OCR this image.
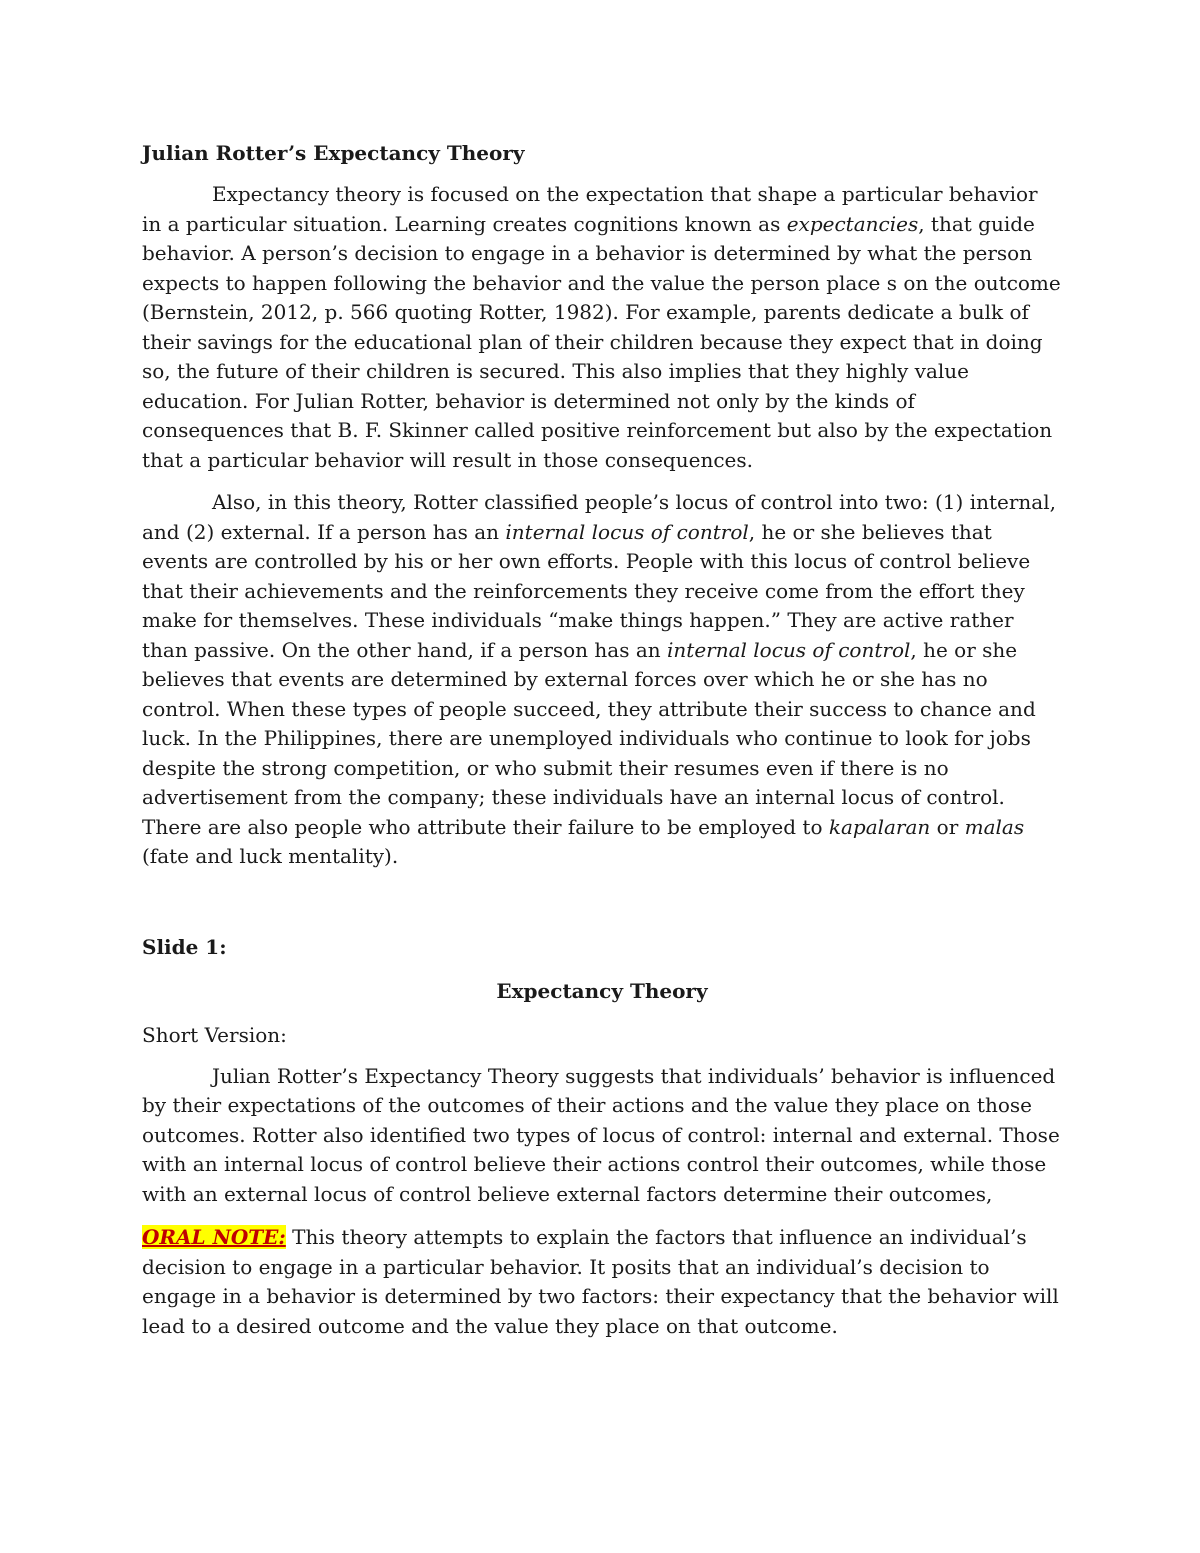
Julian Rotter’s Expectancy Theory

Expectancy theory is focused on the expectation that shape a particular behavior in a particular situation. Learning creates cognitions known as expectancies, that guide behavior. A person’s decision to engage in a behavior is determined by what the person expects to happen following the behavior and the value the person place s on the outcome (Bernstein, 2012, p. 566 quoting Rotter, 1982). For example, parents dedicate a bulk of their savings for the educational plan of their children because they expect that in doing so, the future of their children is secured. This also implies that they highly value education. For Julian Rotter, behavior is determined not only by the kinds of consequences that B. F. Skinner called positive reinforcement but also by the expectation that a particular behavior will result in those consequences.

Also, in this theory, Rotter classified people’s locus of control into two: (1) internal, and (2) external. If a person has an internal locus of control, he or she believes that events are controlled by his or her own efforts. People with this locus of control believe that their achievements and the reinforcements they receive come from the effort they make for themselves. These individuals “make things happen.” They are active rather than passive. On the other hand, if a person has an internal locus of control, he or she believes that events are determined by external forces over which he or she has no control. When these types of people succeed, they attribute their success to chance and luck. In the Philippines, there are unemployed individuals who continue to look for jobs despite the strong competition, or who submit their resumes even if there is no advertisement from the company; these individuals have an internal locus of control. There are also people who attribute their failure to be employed to kapalaran or malas (fate and luck mentality).

Slide 1:

Expectancy Theory

Short Version:

Julian Rotter’s Expectancy Theory suggests that individuals’ behavior is influenced by their expectations of the outcomes of their actions and the value they place on those outcomes. Rotter also identified two types of locus of control: internal and external. Those with an internal locus of control believe their actions control their outcomes, while those with an external locus of control believe external factors determine their outcomes,

ORAL NOTE: This theory attempts to explain the factors that influence an individual’s decision to engage in a particular behavior. It posits that an individual’s decision to engage in a behavior is determined by two factors: their expectancy that the behavior will lead to a desired outcome and the value they place on that outcome.
